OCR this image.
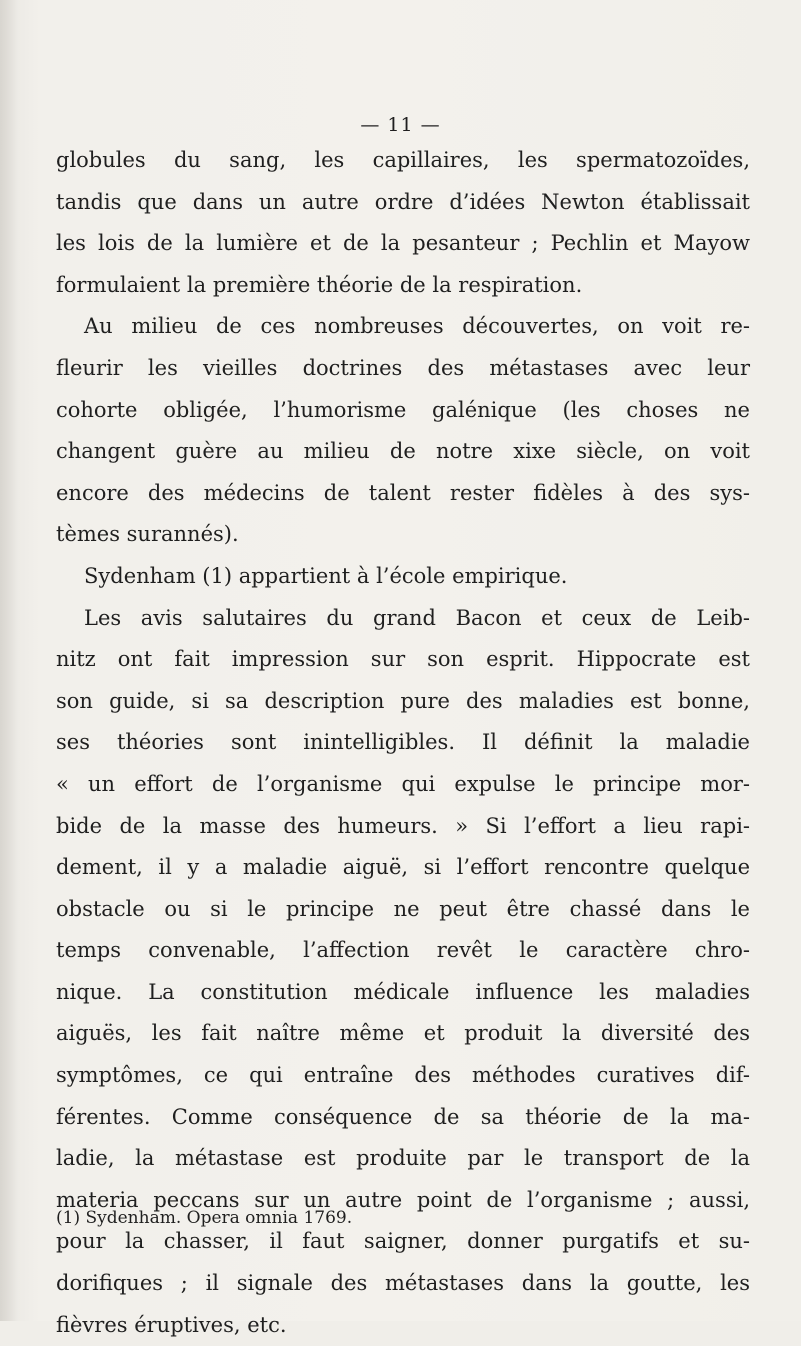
— 11 —
globules du sang, les capillaires, les spermatozoïdes,
tandis que dans un autre ordre d’idées Newton établissait
les lois de la lumière et de la pesanteur ; Pechlin et Mayow
formulaient la première théorie de la respiration.
Au milieu de ces nombreuses découvertes, on voit re-
fleurir les vieilles doctrines des métastases avec leur
cohorte obligée, l’humorisme galénique (les choses ne
changent guère au milieu de notre xixe siècle, on voit
encore des médecins de talent rester fidèles à des sys-
tèmes surannés).
Sydenham (1) appartient à l’école empirique.
Les avis salutaires du grand Bacon et ceux de Leib-
nitz ont fait impression sur son esprit. Hippocrate est
son guide, si sa description pure des maladies est bonne,
ses théories sont inintelligibles. Il définit la maladie
« un effort de l’organisme qui expulse le principe mor-
bide de la masse des humeurs. » Si l’effort a lieu rapi-
dement, il y a maladie aiguë, si l’effort rencontre quelque
obstacle ou si le principe ne peut être chassé dans le
temps convenable, l’affection revêt le caractère chro-
nique. La constitution médicale influence les maladies
aiguës, les fait naître même et produit la diversité des
symptômes, ce qui entraîne des méthodes curatives dif-
férentes. Comme conséquence de sa théorie de la ma-
ladie, la métastase est produite par le transport de la
materia peccans sur un autre point de l’organisme ; aussi,
pour la chasser, il faut saigner, donner purgatifs et su-
dorifiques ; il signale des métastases dans la goutte, les
fièvres éruptives, etc.
(1) Sydenham. Opera omnia 1769.
